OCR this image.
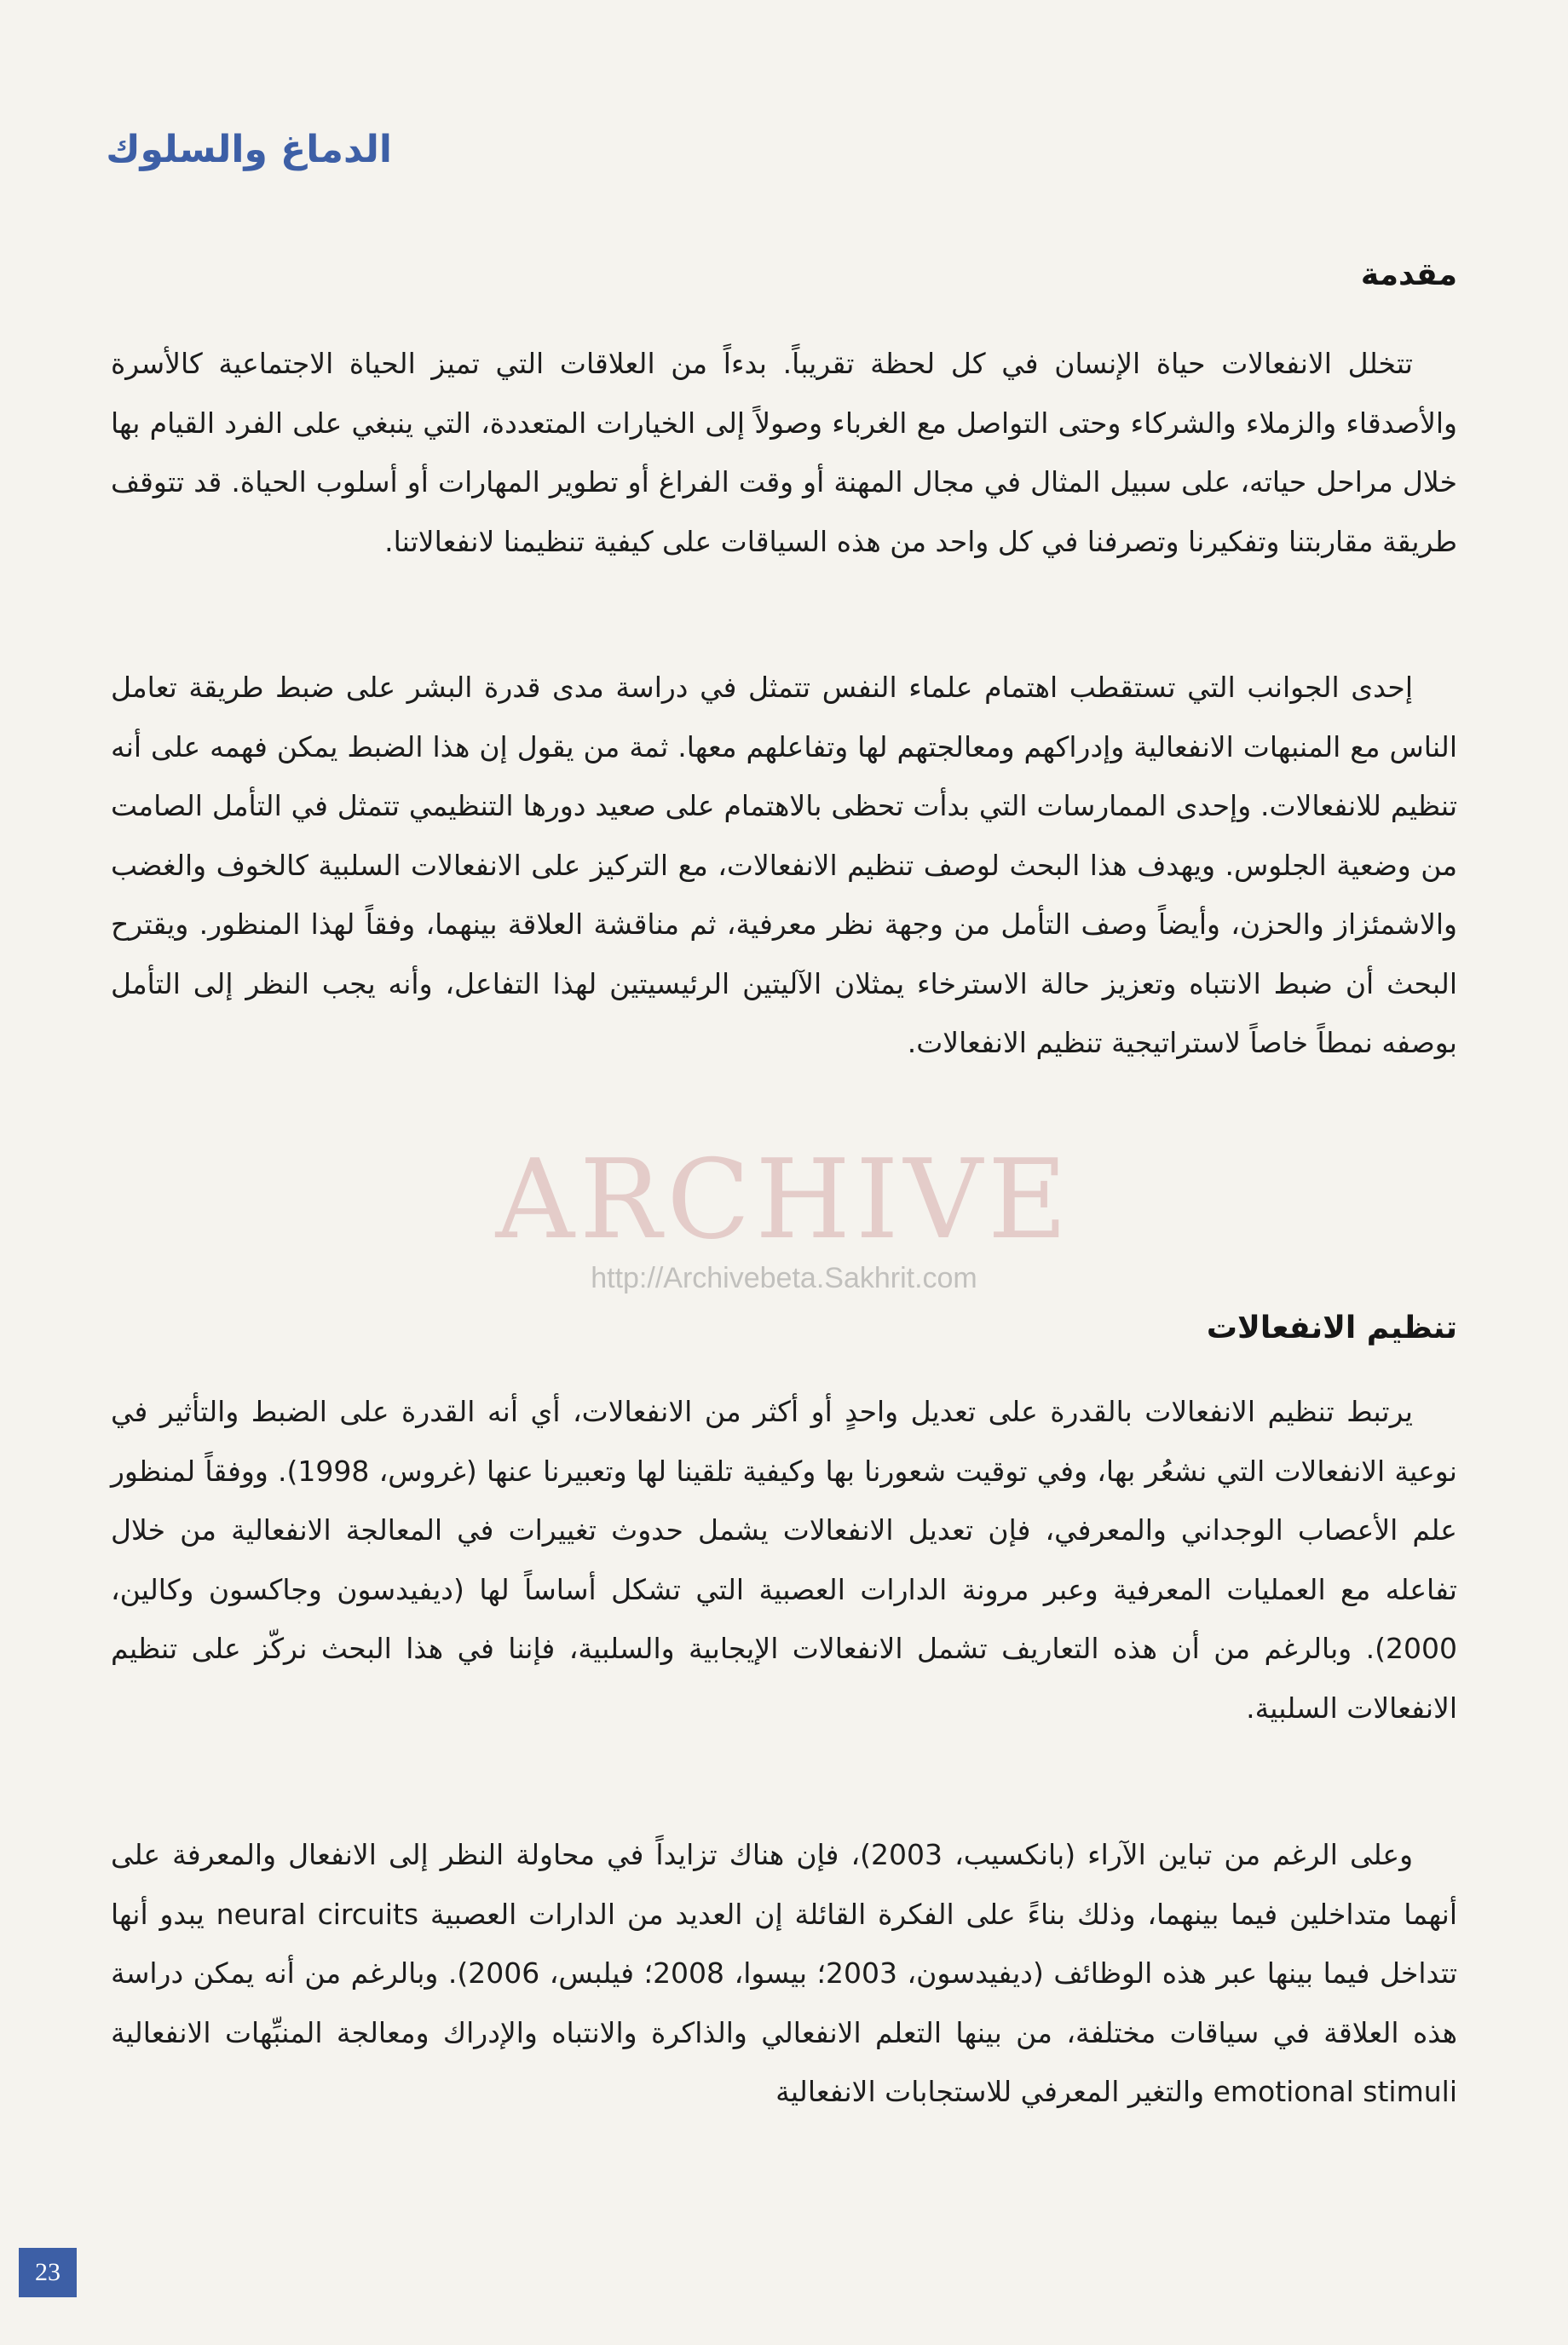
الدماغ والسلوك
مقدمة

تتخلل الانفعالات حياة الإنسان في كل لحظة تقريباً. بدءاً من العلاقات التي تميز الحياة الاجتماعية كالأسرة والأصدقاء والزملاء والشركاء وحتى التواصل مع الغرباء وصولاً إلى الخيارات المتعددة، التي ينبغي على الفرد القيام بها خلال مراحل حياته، على سبيل المثال في مجال المهنة أو وقت الفراغ أو تطوير المهارات أو أسلوب الحياة. قد تتوقف طريقة مقاربتنا وتفكيرنا وتصرفنا في كل واحد من هذه السياقات على كيفية تنظيمنا لانفعالاتنا.

إحدى الجوانب التي تستقطب اهتمام علماء النفس تتمثل في دراسة مدى قدرة البشر على ضبط طريقة تعامل الناس مع المنبهات الانفعالية وإدراكهم ومعالجتهم لها وتفاعلهم معها. ثمة من يقول إن هذا الضبط يمكن فهمه على أنه تنظيم للانفعالات. وإحدى الممارسات التي بدأت تحظى بالاهتمام على صعيد دورها التنظيمي تتمثل في التأمل الصامت من وضعية الجلوس. ويهدف هذا البحث لوصف تنظيم الانفعالات، مع التركيز على الانفعالات السلبية كالخوف والغضب والاشمئزاز والحزن، وأيضاً وصف التأمل من وجهة نظر معرفية، ثم مناقشة العلاقة بينهما، وفقاً لهذا المنظور. ويقترح البحث أن ضبط الانتباه وتعزيز حالة الاسترخاء يمثلان الآليتين الرئيسيتين لهذا التفاعل، وأنه يجب النظر إلى التأمل بوصفه نمطاً خاصاً لاستراتيجية تنظيم الانفعالات.

تنظيم الانفعالات

يرتبط تنظيم الانفعالات بالقدرة على تعديل واحدٍ أو أكثر من الانفعالات، أي أنه القدرة على الضبط والتأثير في نوعية الانفعالات التي نشعُر بها، وفي توقيت شعورنا بها وكيفية تلقينا لها وتعبيرنا عنها (غروس، 1998). ووفقاً لمنظور علم الأعصاب الوجداني والمعرفي، فإن تعديل الانفعالات يشمل حدوث تغييرات في المعالجة الانفعالية من خلال تفاعله مع العمليات المعرفية وعبر مرونة الدارات العصبية التي تشكل أساساً لها (ديفيدسون وجاكسون وكالين، 2000). وبالرغم من أن هذه التعاريف تشمل الانفعالات الإيجابية والسلبية، فإننا في هذا البحث نركّز على تنظيم الانفعالات السلبية.

وعلى الرغم من تباين الآراء (بانكسيب، 2003)، فإن هناك تزايداً في محاولة النظر إلى الانفعال والمعرفة على أنهما متداخلين فيما بينهما، وذلك بناءً على الفكرة القائلة إن العديد من الدارات العصبية neural circuits يبدو أنها تتداخل فيما بينها عبر هذه الوظائف (ديفيدسون، 2003؛ بيسوا، 2008؛ فيلبس، 2006). وبالرغم من أنه يمكن دراسة هذه العلاقة في سياقات مختلفة، من بينها التعلم الانفعالي والذاكرة والانتباه والإدراك ومعالجة المنبِّهات الانفعالية emotional stimuli والتغير المعرفي للاستجابات الانفعالية

ARCHIVE
http://Archivebeta.Sakhrit.com
23
